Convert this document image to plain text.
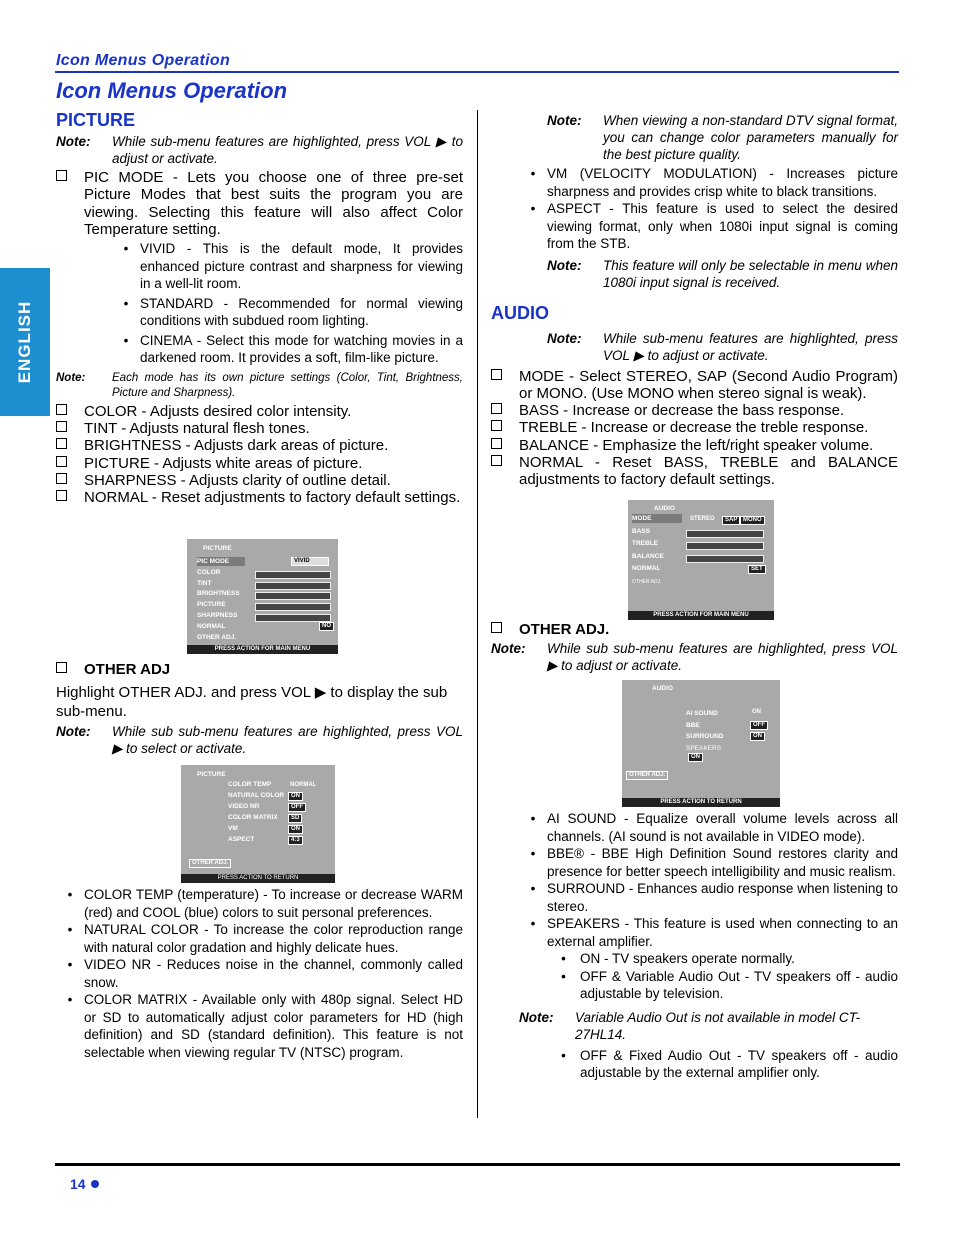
Icon Menus Operation
Icon Menus Operation
ENGLISH
PICTURE
Note:	While sub-menu features are highlighted, press VOL ▶ to adjust or activate.
PIC MODE - Lets you choose one of three pre-set Picture Modes that best suits the program you are viewing. Selecting this feature will also affect Color Temperature setting.
• VIVID - This is the default mode, It provides enhanced picture contrast and sharpness for viewing in a well-lit room.
• STANDARD - Recommended for normal viewing conditions with subdued room lighting.
• CINEMA - Select this mode for watching movies in a darkened room. It provides a soft, film-like picture.
Note:	Each mode has its own picture settings (Color, Tint, Brightness, Picture and Sharpness).
COLOR - Adjusts desired color intensity.
TINT - Adjusts natural flesh tones.
BRIGHTNESS - Adjusts dark areas of picture.
PICTURE - Adjusts white areas of picture.
SHARPNESS - Adjusts clarity of outline detail.
NORMAL - Reset adjustments to factory default settings.
PICTURE
PIC MODE
COLOR
TINT
BRIGHTNESS
PICTURE
SHARPNESS
NORMAL
OTHER ADJ.
VIVID
NO
PRESS ACTION FOR MAIN MENU
OTHER ADJ
Highlight OTHER ADJ. and press VOL ▶ to display the sub sub-menu.
Note:	While sub sub-menu features are highlighted, press VOL ▶ to select or activate.
PICTURE
COLOR TEMP	NORMAL
NATURAL COLOR ON
VIDEO NR	OFF
COLOR MATRIX SD
VM	ON
ASPECT	4:3
OTHER ADJ.
PRESS ACTION TO RETURN
• COLOR TEMP (temperature) - To increase or decrease WARM (red) and COOL (blue) colors to suit personal preferences.
• NATURAL COLOR - To increase the color reproduction range with natural color gradation and highly delicate hues.
• VIDEO NR - Reduces noise in the channel, commonly called snow.
• COLOR MATRIX - Available only with 480p signal. Select HD or SD to automatically adjust color parameters for HD (high definition) and SD (standard definition). This feature is not selectable when viewing regular TV (NTSC) program.
Note:	When viewing a non-standard DTV signal format, you can change color parameters manually for the best picture quality.
• VM (VELOCITY MODULATION) - Increases picture sharpness and provides crisp white to black transitions.
• ASPECT - This feature is used to select the desired viewing format, only when 1080i input signal is coming from the STB.
Note:	This feature will only be selectable in menu when 1080i input signal is received.
AUDIO
Note:	While sub-menu features are highlighted, press VOL ▶ to adjust or activate.
MODE - Select STEREO, SAP (Second Audio Program) or MONO. (Use MONO when stereo signal is weak).
BASS - Increase or decrease the bass response.
TREBLE - Increase or decrease the treble response.
BALANCE - Emphasize the left/right speaker volume.
NORMAL - Reset BASS, TREBLE and BALANCE adjustments to factory default settings.
AUDIO
MODE
BASS
TREBLE
BALANCE
NORMAL
OTHER ADJ.
STEREO	SAP MONO
SET
PRESS ACTION FOR MAIN MENU
OTHER ADJ.
Note:	While sub sub-menu features are highlighted, press VOL ▶ to adjust or activate.
AUDIO
AI SOUND	ON
BBE	OFF
SURROUND	ON
SPEAKERS
ON
OTHER ADJ.
PRESS ACTION TO RETURN
• AI SOUND - Equalize overall volume levels across all channels. (AI sound is not available in VIDEO mode).
• BBE® - BBE High Definition Sound restores clarity and presence for better speech intelligibility and music realism.
• SURROUND - Enhances audio response when listening to stereo.
• SPEAKERS - This feature is used when connecting to an external amplifier.
•	ON - TV speakers operate normally.
•	OFF & Variable Audio Out - TV speakers off - audio adjustable by television.
Note:	Variable Audio Out is not available in model CT-27HL14.
•	OFF & Fixed Audio Out - TV speakers off - audio adjustable by the external amplifier only.
14
